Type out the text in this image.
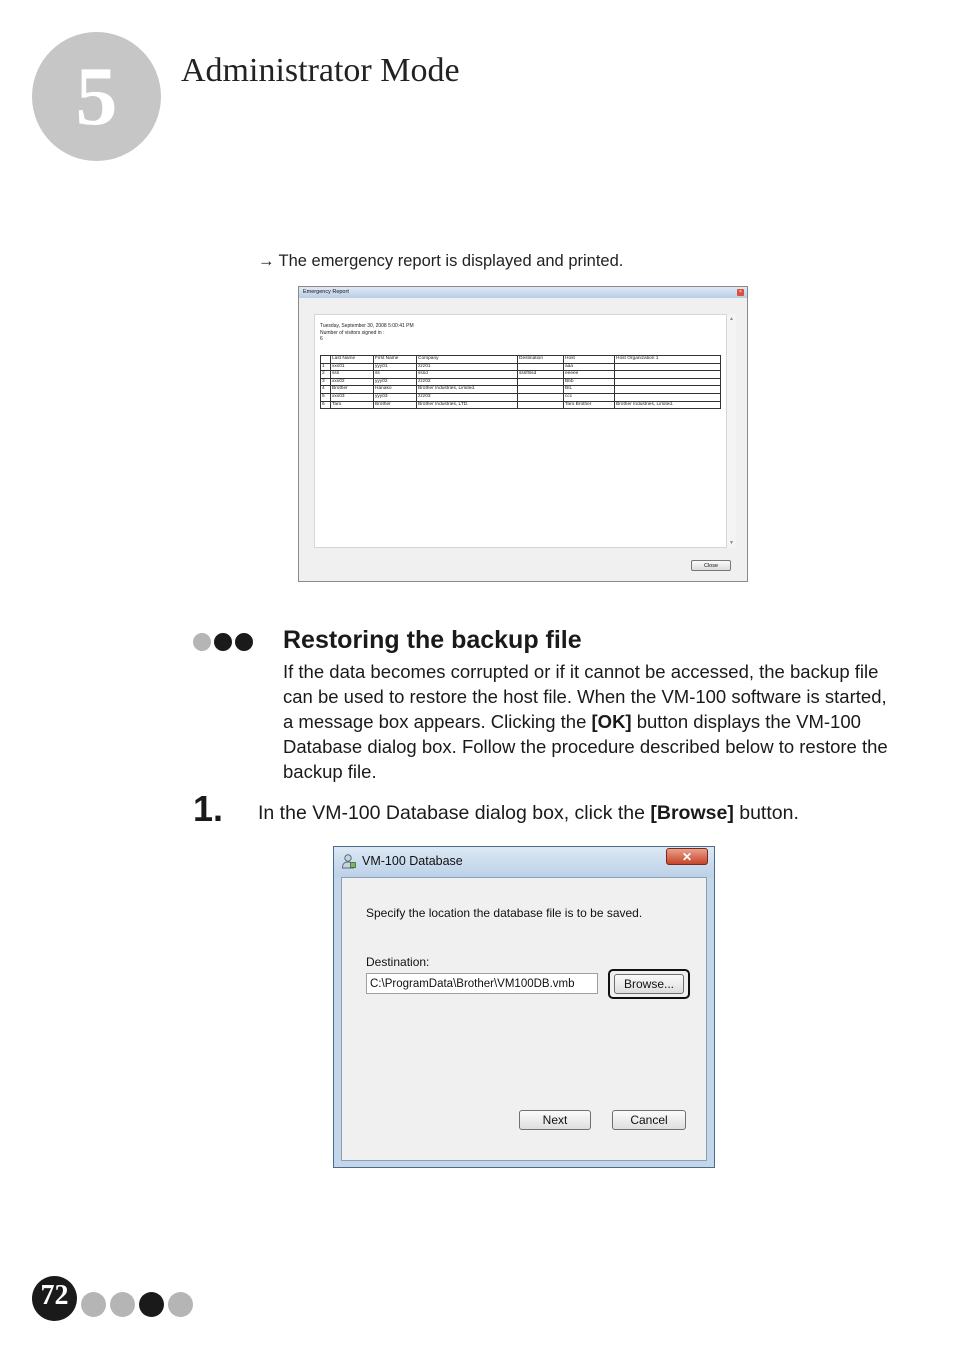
5	Administrator Mode
→ The emergency report is displayed and printed.
Emergency Report	×
Tuesday, September 30, 2008 5:00:41 PM
Number of visitors signed in :
6
	Last Name	First Name	Company	Destination	Host	Host Organization 1
1	xxx01	yyy01	zzz01		aaa	
2	sss	ss	sssd	sssffssd	eeeee	
3	xxx02	yyy02	zzz02		Bbb	
4	Brother	Hanako	Brother Industries, Limited.		BIL	
5	xxx03	yyy03	zzz03		ccc	
6	Taro	Brother	Brother Industries, LTD.		Taro Brother	Brother Industries, Limited.
▲
▼
Close
Restoring the backup file
If the data becomes corrupted or if it cannot be accessed, the backup file can be used to restore the host file. When the VM-100 software is started, a message box appears. Clicking the [OK] button displays the VM-100 Database dialog box. Follow the procedure described below to restore the backup file.
1. In the VM-100 Database dialog box, click the [Browse] button.
VM-100 Database	✕
Specify the location the database file is to be saved.
Destination:
C:\ProgramData\Brother\VM100DB.vmb
Browse...
Next	Cancel
72
